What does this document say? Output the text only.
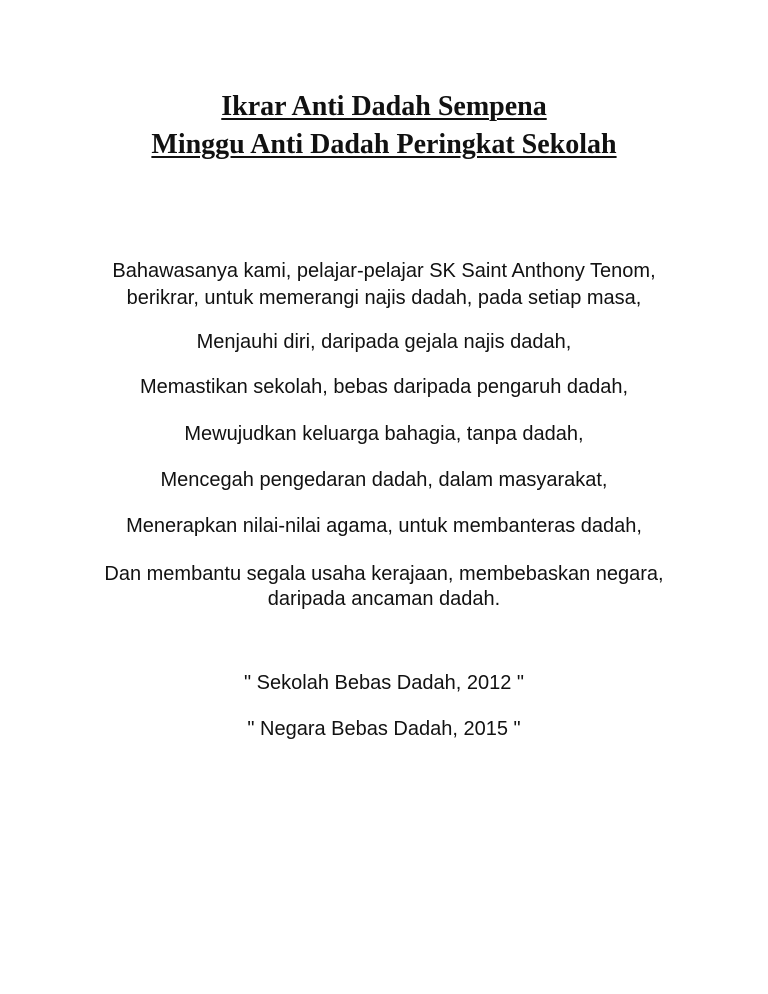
Ikrar Anti Dadah Sempena
Minggu Anti Dadah Peringkat Sekolah

Bahawasanya kami, pelajar-pelajar SK Saint Anthony Tenom,

berikrar, untuk memerangi najis dadah, pada setiap masa,

Menjauhi diri, daripada gejala najis dadah,

Memastikan sekolah, bebas daripada pengaruh dadah,

Mewujudkan keluarga bahagia, tanpa dadah,

Mencegah pengedaran dadah, dalam masyarakat,

Menerapkan nilai-nilai agama, untuk membanteras dadah,

Dan membantu segala usaha kerajaan, membebaskan negara,

daripada ancaman dadah.

" Sekolah Bebas Dadah, 2012 "

" Negara Bebas Dadah, 2015 "
